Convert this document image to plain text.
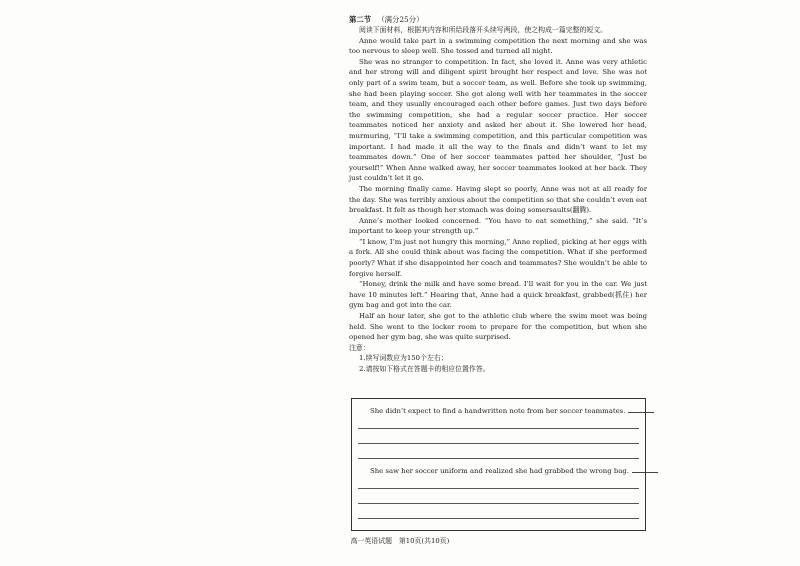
第二节 （满分25分）

阅读下面材料，根据其内容和所给段落开头续写两段，使之构成一篇完整的短文。

Anne would take part in a swimming competition the next morning and she was too nervous to sleep well. She tossed and turned all night.

She was no stranger to competition. In fact, she loved it. Anne was very athletic and her strong will and diligent spirit brought her respect and love. She was not only part of a swim team, but a soccer team, as well. Before she took up swimming, she had been playing soccer. She got along well with her teammates in the soccer team, and they usually encouraged each other before games. Just two days before the swimming competition, she had a regular soccer practice. Her soccer teammates noticed her anxiety and asked her about it. She lowered her head, murmuring, “I’ll take a swimming competition, and this particular competition was important. I had made it all the way to the finals and didn’t want to let my teammates down.” One of her soccer teammates patted her shoulder, “Just be yourself!” When Anne walked away, her soccer teammates looked at her back. They just couldn’t let it go.

The morning finally came. Having slept so poorly, Anne was not at all ready for the day. She was terribly anxious about the competition so that she couldn’t even eat breakfast. It felt as though her stomach was doing somersaults(翻腾).

Anne’s mother looked concerned. “You have to eat something,” she said. “It’s important to keep your strength up.”

“I know, I’m just not hungry this morning,” Anne replied, picking at her eggs with a fork. All she could think about was facing the competition. What if she performed poorly? What if she disappointed her coach and teammates? She wouldn’t be able to forgive herself.

“Honey, drink the milk and have some bread. I’ll wait for you in the car. We just have 10 minutes left.” Hearing that, Anne had a quick breakfast, grabbed(抓住) her gym bag and got into the car.

Half an hour later, she got to the athletic club where the swim meet was being held. She went to the locker room to prepare for the competition, but when she opened her gym bag, she was quite surprised.

注意：
1.续写词数应为150个左右；
2.请按如下格式在答题卡的相应位置作答。
She didn’t expect to find a handwritten note from her soccer teammates.
She saw her soccer uniform and realized she had grabbed the wrong bag.
高一英语试题　第10页(共10页)
